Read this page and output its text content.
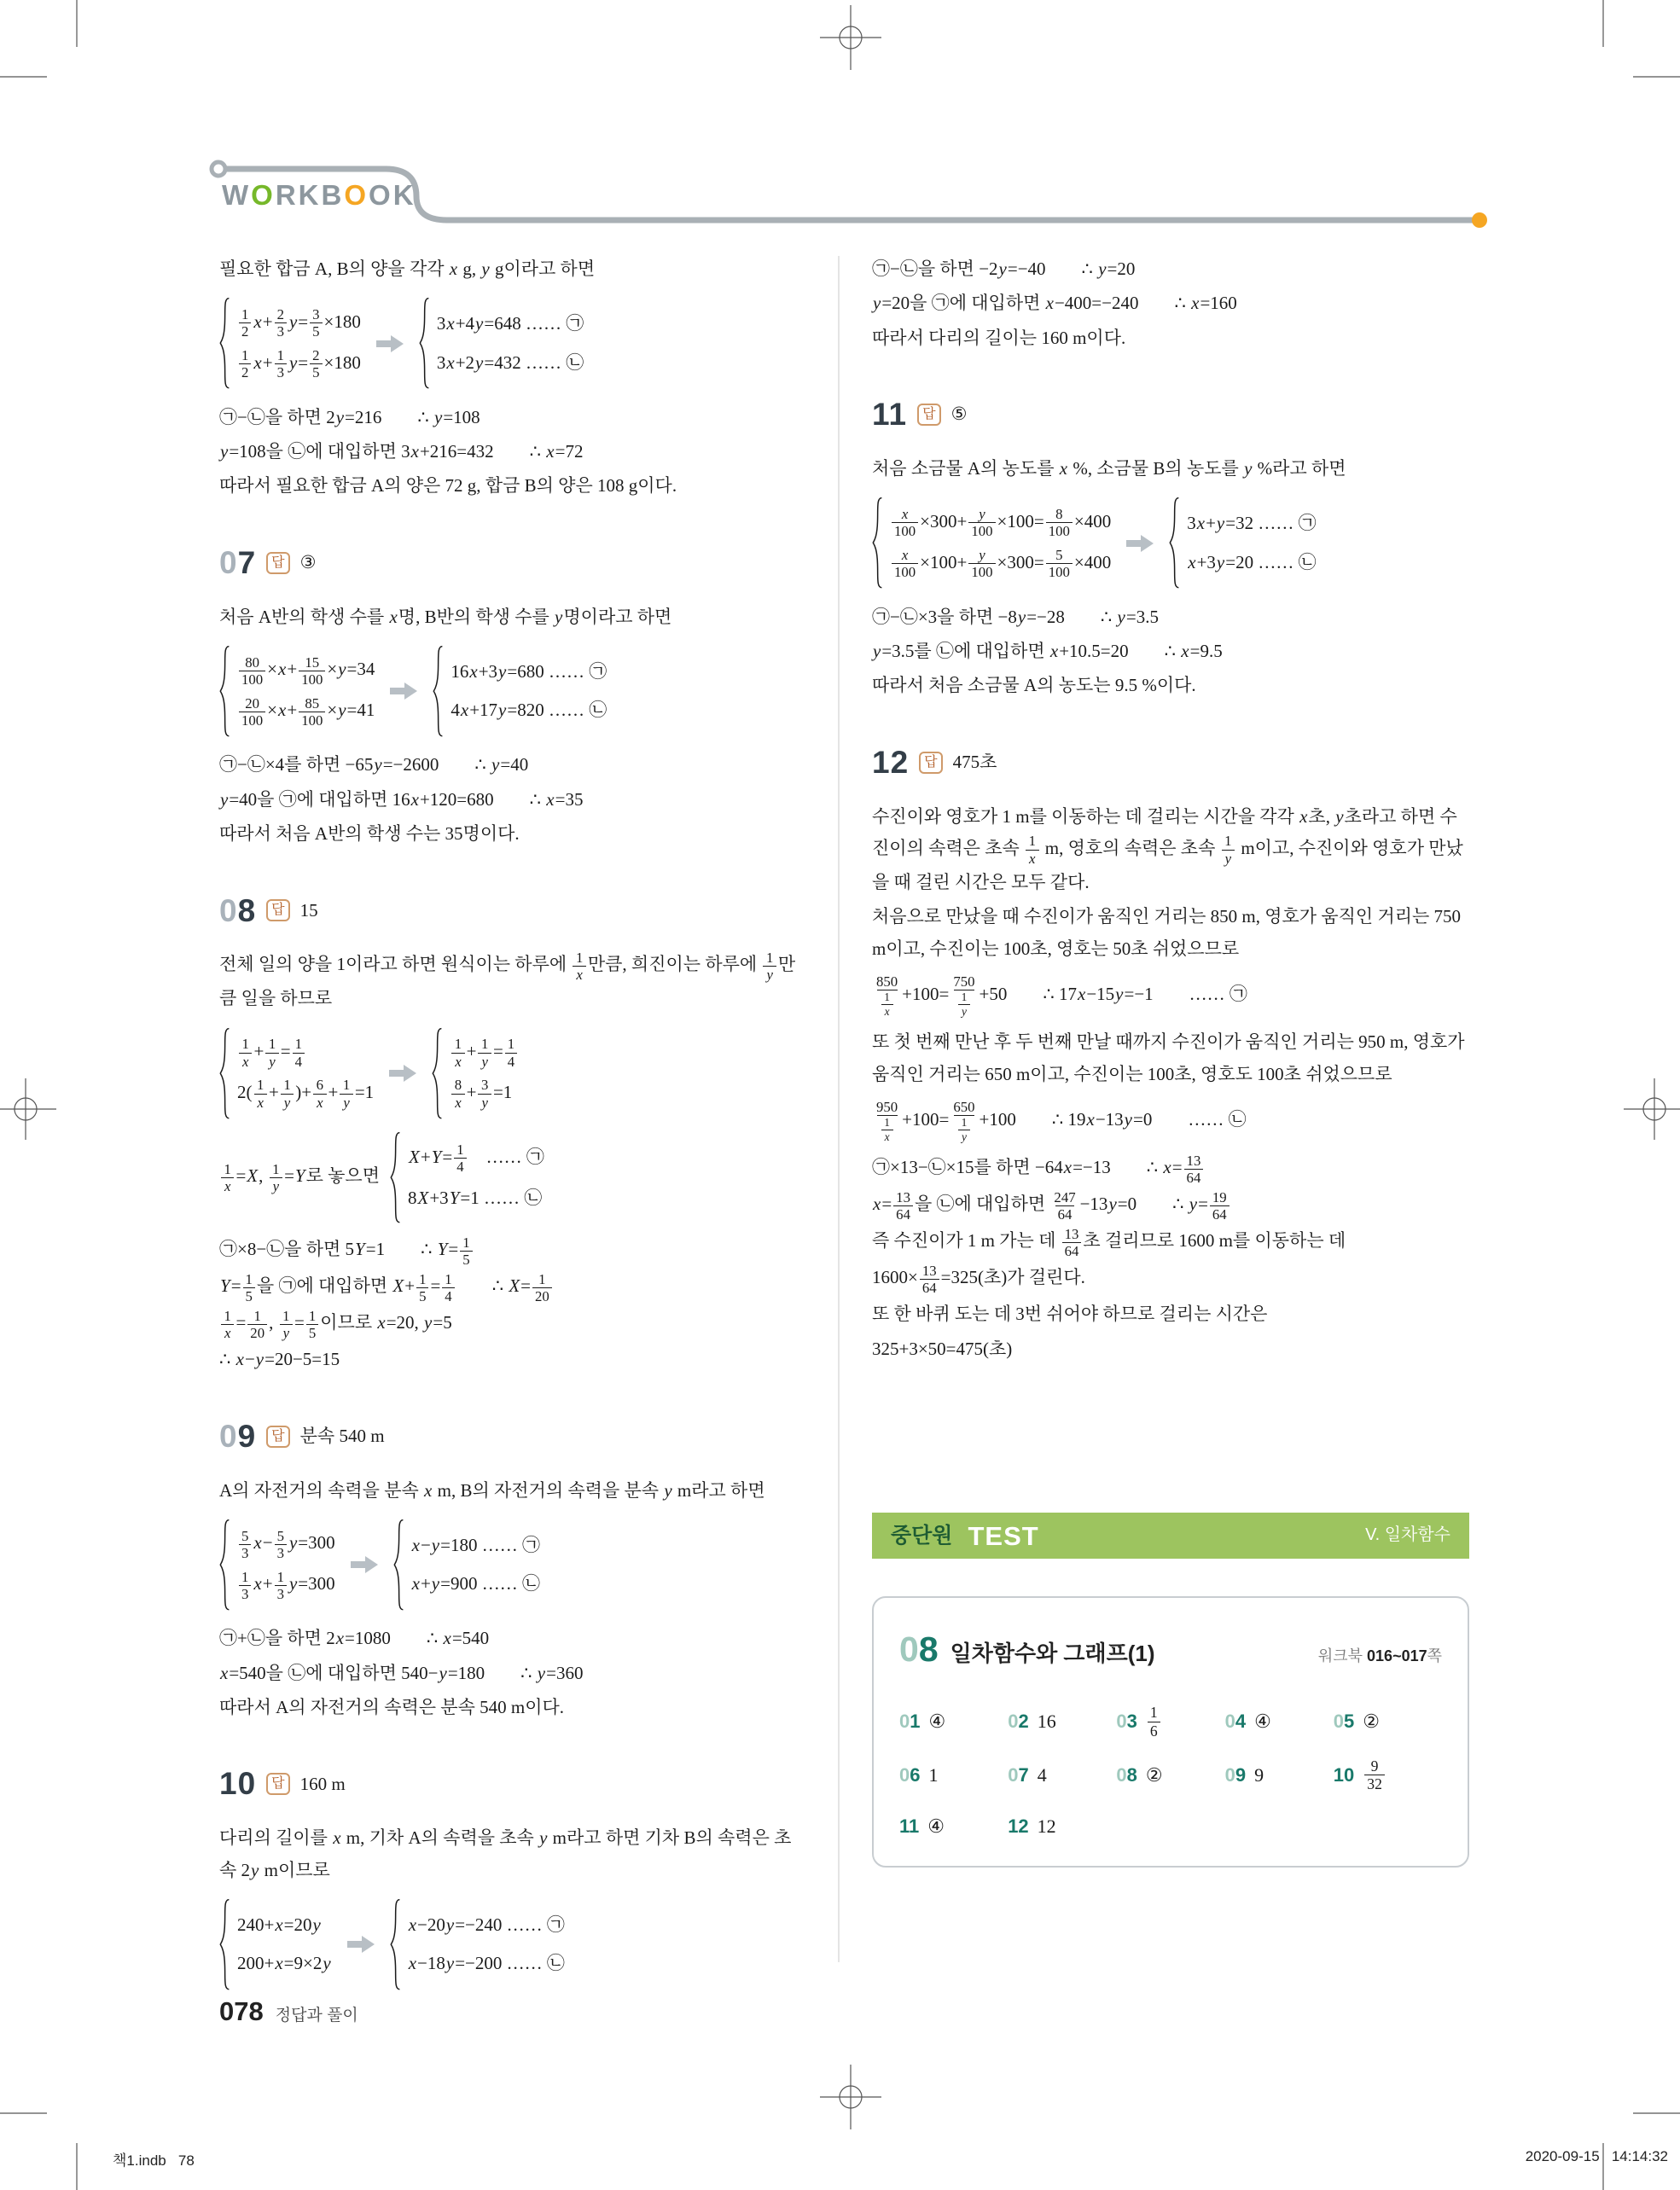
WORKBOOK
필요한 합금 A, B의 양을 각각 x g, y g이라고 하면
$\frac{1}{2} x+ \frac{2}{3} y= \frac{3}{5} \times 180$
$\frac{1}{2} x+ \frac{1}{3} y= \frac{2}{5} \times 180$
3x+4y=648 …… ㉠
3x+2y=432 …… ㉡
㉠−㉡을 하면 2y=216  ∴ y=108
y=108을 ㉡에 대입하면 3x+216=432  ∴ x=72
따라서 필요한 합금 A의 양은 72 g, 합금 B의 양은 108 g이다.
07	답 ③
처음 A반의 학생 수를 x명, B반의 학생 수를 y명이라고 하면
$\frac{80}{100} \times x+ \frac{15}{100} \times y=34$
$\frac{20}{100} \times x+ \frac{85}{100} \times y=41$
16x+3y=680 …… ㉠
4x+17y=820 …… ㉡
㉠−㉡×4를 하면 −65y=−2600  ∴ y=40
y=40을 ㉠에 대입하면 16x+120=680  ∴ x=35
따라서 처음 A반의 학생 수는 35명이다.
08	답 15
전체 일의 양을 1이라고 하면 원식이는 하루에 $\frac{1}{x}$ 만큼, 희진이는 하루에 $\frac{1}{y}$ 만큼 일을 하므로
$\frac{1}{x} + \frac{1}{y} = \frac{1}{4}$
$2( \frac{1}{x} + \frac{1}{y}$ )+ $\frac{6}{x} + \frac{1}{y} =1$
$\frac{1}{x} + \frac{1}{y} = \frac{1}{4}$
$\frac{8}{x} + \frac{3}{y} =1$
$\frac{1}{x} =X$, $\frac{1}{y} =Y$로 놓으면
$X+Y= \frac{1}{4}$  …… ㉠
8X+3Y=1 …… ㉡
㉠×8−㉡을 하면 5Y=1  ∴ $Y= \frac{1}{5}$
$Y= \frac{1}{5}$ 을 ㉠에 대입하면 $X+ \frac{1}{5} = \frac{1}{4}$   ∴ $X= \frac{1}{20}$
$\frac{1}{x} = \frac{1}{20}$ , $\frac{1}{y} = \frac{1}{5}$ 이므로 x=20, y=5
∴ x−y=20−5=15
09	답 분속 540 m
A의 자전거의 속력을 분속 x m, B의 자전거의 속력을 분속 y m라고 하면
$\frac{5}{3} x- \frac{5}{3} y=300$
$\frac{1}{3} x+ \frac{1}{3} y=300$
x−y=180 …… ㉠
x+y=900 …… ㉡
㉠+㉡을 하면 2x=1080  ∴ x=540
x=540을 ㉡에 대입하면 540−y=180  ∴ y=360
따라서 A의 자전거의 속력은 분속 540 m이다.
10	답 160 m
다리의 길이를 x m, 기차 A의 속력을 초속 y m라고 하면 기차 B의 속력은 초속 2y m이므로
240+x=20y
200+x=9×2y
x−20y=−240 …… ㉠
x−18y=−200 …… ㉡
㉠−㉡을 하면 −2y=−40  ∴ y=20
y=20을 ㉠에 대입하면 x−400=−240  ∴ x=160
따라서 다리의 길이는 160 m이다.
11	답 ⑤
처음 소금물 A의 농도를 x %, 소금물 B의 농도를 y %라고 하면
$\frac{x}{100} \times 300+ \frac{y}{100} \times 100= \frac{8}{100} \times 400$
$\frac{x}{100} \times 100+ \frac{y}{100} \times 300= \frac{5}{100} \times 400$
3x+y=32 …… ㉠
x+3y=20 …… ㉡
㉠−㉡×3을 하면 −8y=−28  ∴ y=3.5
y=3.5를 ㉡에 대입하면 x+10.5=20  ∴ x=9.5
따라서 처음 소금물 A의 농도는 9.5 %이다.
12	답 475초
수진이와 영호가 1 m를 이동하는 데 걸리는 시간을 각각 x초, y초라고 하면 수진이의 속력은 초속 $\frac{1}{x} m$, 영호의 속력은 초속 $\frac{1}{y}$ m이고, 수진이와 영호가 만났을 때 걸린 시간은 모두 같다.
처음으로 만났을 때 수진이가 움직인 거리는 850 m, 영호가 움직인 거리는 750 m이고, 수진이는 100초, 영호는 50초 쉬었으므로
$\frac{850}{\frac{1}{x}} +100= \frac{750}{\frac{1}{y}} +50$  ∴ 17x−15y=−1  …… ㉠
또 첫 번째 만난 후 두 번째 만날 때까지 수진이가 움직인 거리는 950 m, 영호가 움직인 거리는 650 m이고, 수진이는 100초, 영호도 100초 쉬었으므로
$\frac{950}{\frac{1}{x}} +100= \frac{650}{\frac{1}{y}} +100$  ∴ 19x−13y=0  …… ㉡
㉠×13−㉡×15를 하면 −64x=−13  ∴ $x= \frac{13}{64}$
$x= \frac{13}{64}$ 을 ㉡에 대입하면 $\frac{247}{64} -13y=0$  ∴ $y= \frac{19}{64}$
즉 수진이가 1 m 가는 데 $\frac{13}{64}$ 초 걸리므로 1600 m를 이동하는 데
$1600\times \frac{13}{64} =325$(초)가 걸린다.
또 한 바퀴 도는 데 3번 쉬어야 하므로 걸리는 시간은
325+3×50=475(초)
중단원 TEST	V. 일차함수
08 일차함수와 그래프(1)	워크북 016~017쪽
01 ④	02 16	$03 \frac{1}{6}$	04 ④	05 ②
06 1	07 4	08 ②	09 9	$10 \frac{9}{32}$
11 ④	12 12
078 정답과 풀이
책1.indb   78	2020-09-15   14:14:32
